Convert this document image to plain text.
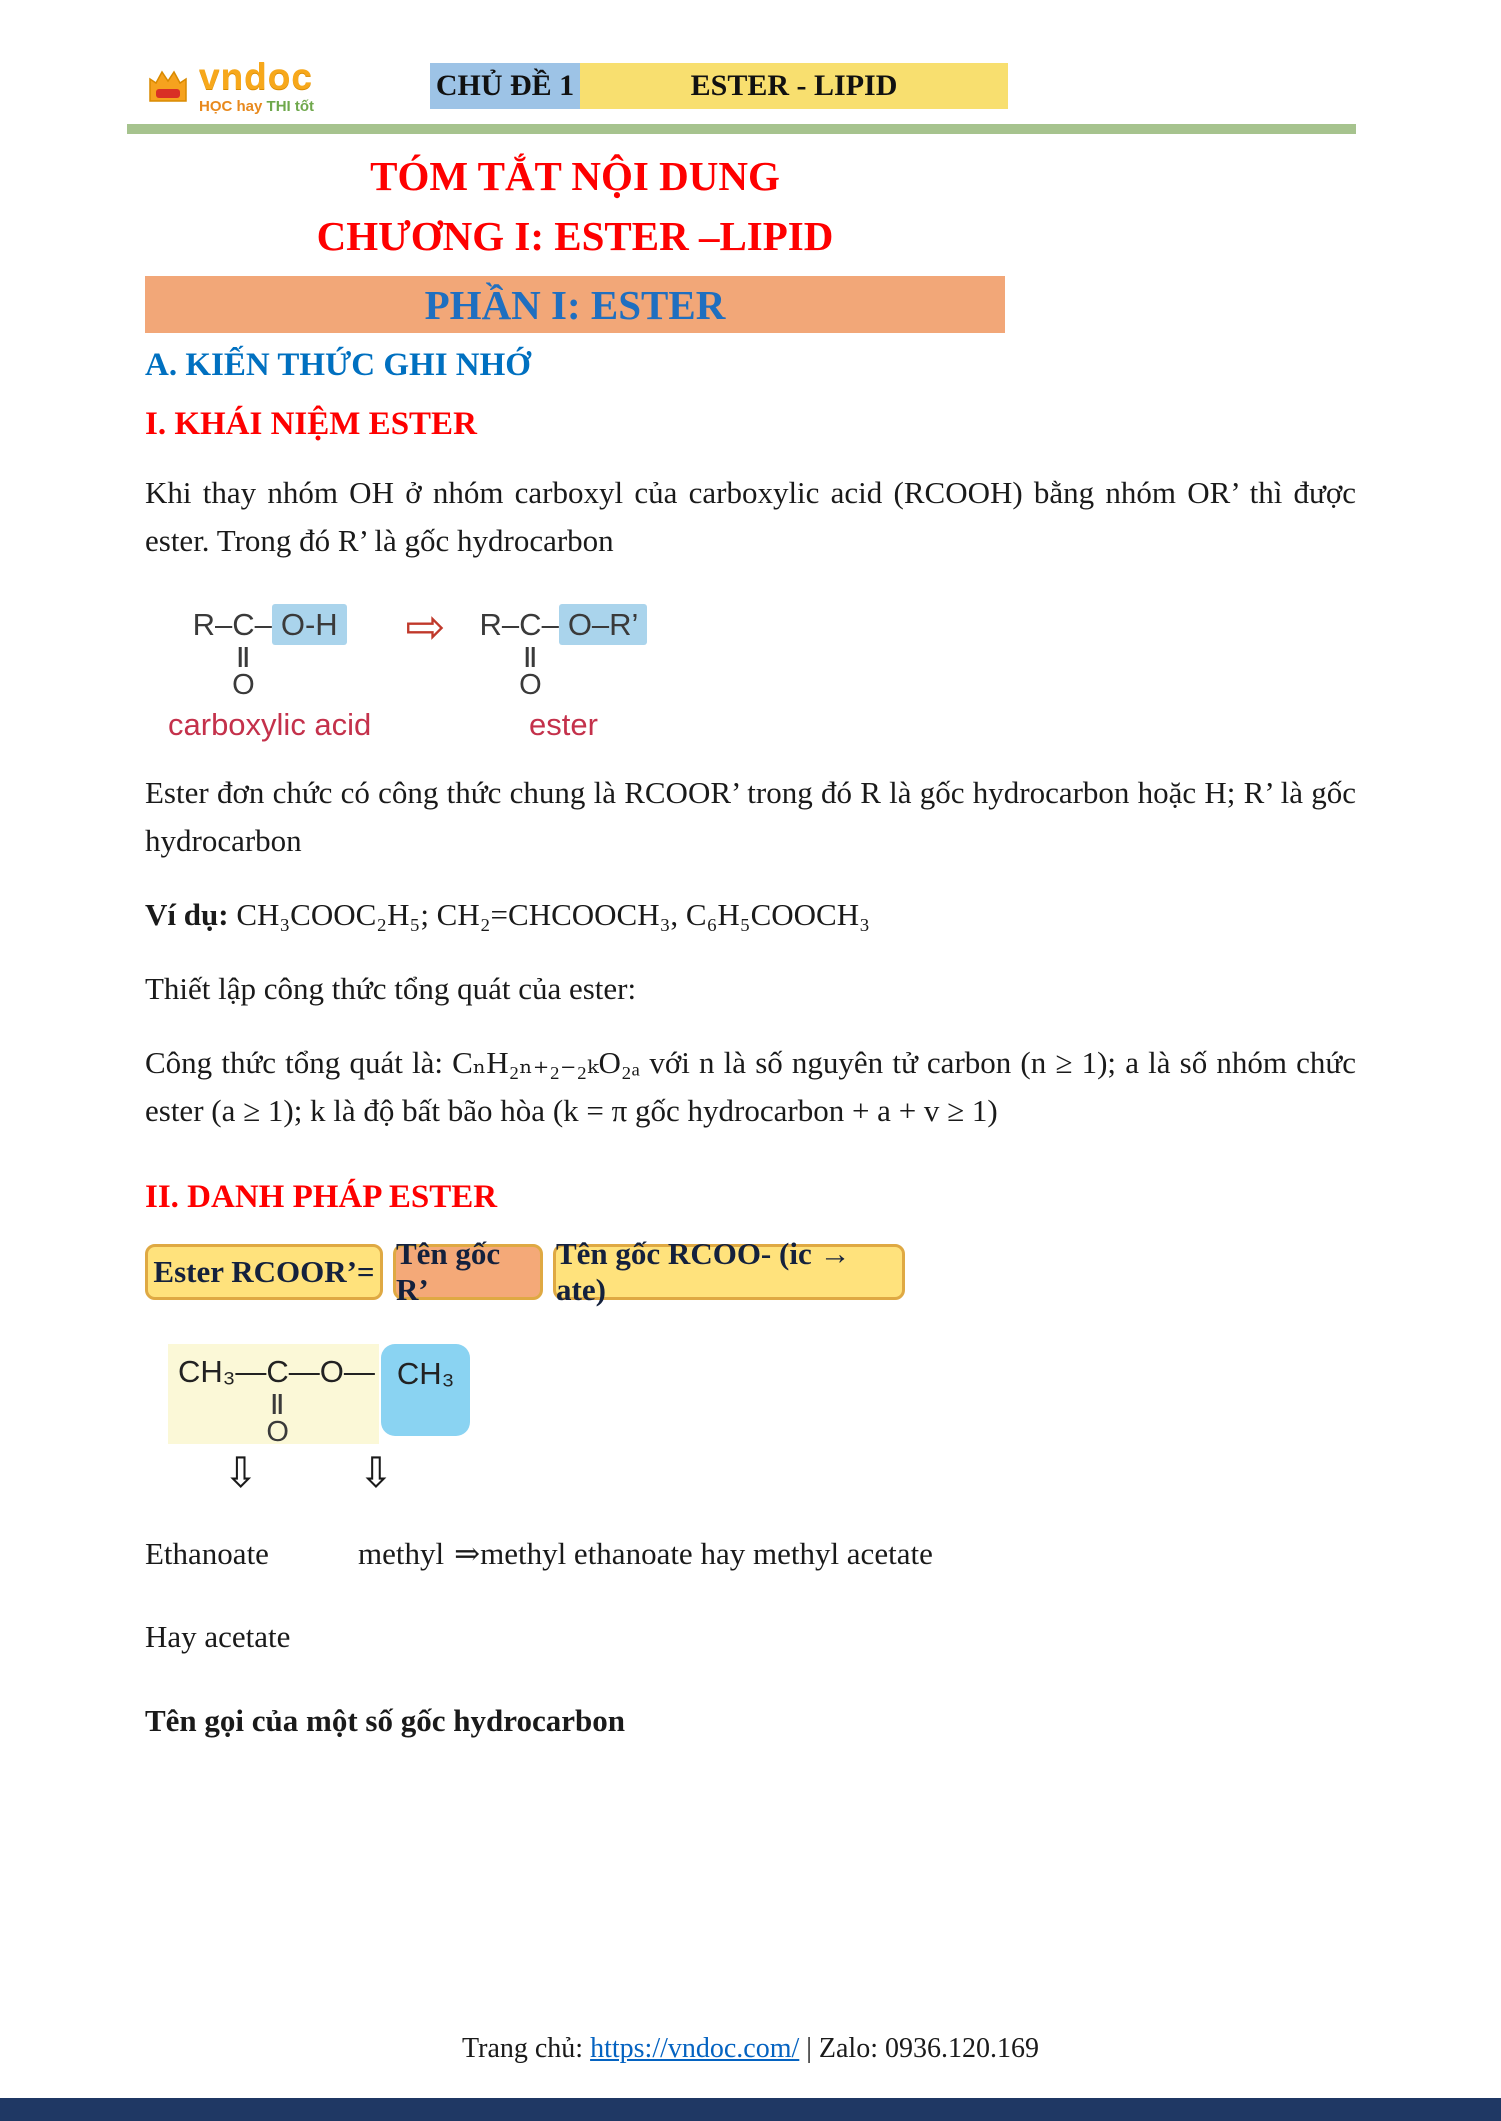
vndoc
HỌC hay THI tốt
CHỦ ĐỀ 1	ESTER - LIPID
TÓM TẮT NỘI DUNG
CHƯƠNG I: ESTER –LIPID
PHẦN I: ESTER
A. KIẾN THỨC GHI NHỚ
I. KHÁI NIỆM ESTER

Khi thay nhóm OH ở nhóm carboxyl của carboxylic acid (RCOOH) bằng nhóm OR’ thì được ester. Trong đó R’ là gốc hydrocarbon

R–C
O
– O-H
carboxylic acid
⇨ R–C
O
– O–R’
ester

Ester đơn chức có công thức chung là RCOOR’ trong đó R là gốc hydrocarbon hoặc H; R’ là gốc hydrocarbon

Ví dụ: CH₃COOC₂H₅; CH₂=CHCOOCH₃, C₆H₅COOCH₃

Thiết lập công thức tổng quát của ester:

Công thức tổng quát là: CₙH₂ₙ₊₂₋₂ₖO₂ₐ với n là số nguyên tử carbon (n ≥ 1); a là số nhóm chức ester (a ≥ 1); k là độ bất bão hòa (k = π gốc hydrocarbon + a + v ≥ 1)

II. DANH PHÁP ESTER
Ester RCOOR’=
Tên gốc R’
Tên gốc RCOO- (ic → ate)
CH₃—C
O
—O— CH₃
⇩ ⇩
Ethanoate	methyl ⇒methyl ethanoate hay methyl acetate
Hay acetate
Tên gọi của một số gốc hydrocarbon
Trang chủ: https://vndoc.com/ | Zalo: 0936.120.169
